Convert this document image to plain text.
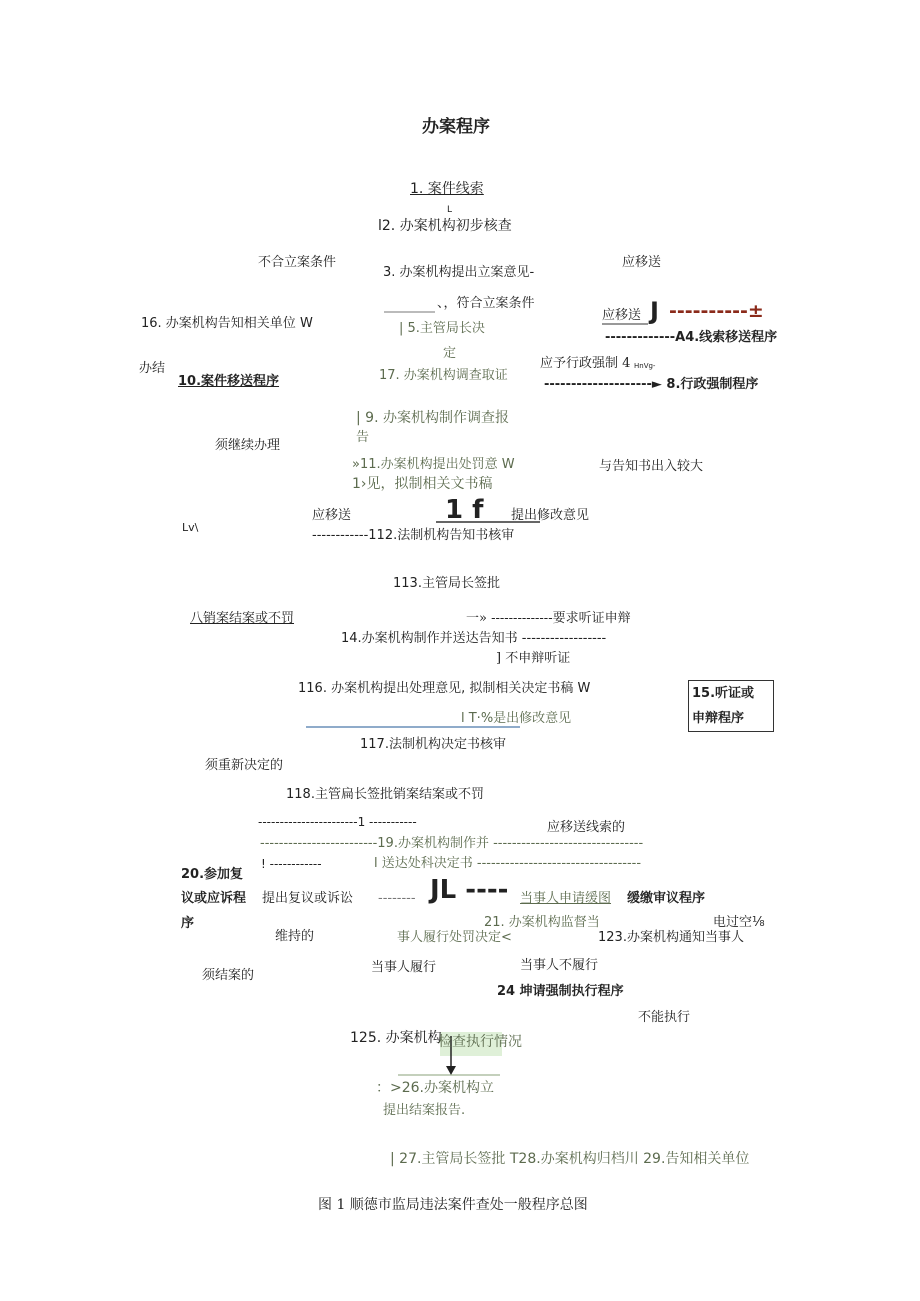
办案程序
1. 案件线索
L
l2. 办案机构初步核查
不合立案条件
3. 办案机构提出立案意见-
应移送
、，符合立案条件
应移送 J ----------±
16. 办案机构告知相关单位 W	| 5.主管局长决
定
-------------A4.线索移送程序
办结
10.案件移送程序	17. 办案机构调查取证
应予行政强制 4 HnVg-
--------------------► 8.行政强制程序
| 9. 办案机构制作调查报
告
须继续办理
»11.办案机构提出处罚意 W
1›见，拟制相关文书稿
与告知书出入较大
Lv\
应移送	1 f 提出修改意见
------------112.法制机构告知书核审
113.主管局长签批
八销案结案或不罚	一» --------------要求听证申辩
14.办案机构制作并送达告知书 ------------------
] 不申辩听证
15.听证或
申辩程序
116. 办案机构提出处理意见, 拟制相关决定书稿 W
l T·%是出修改意见
117.法制机构决定书核审
须重新决定的
118.主管扁长签批销案结案或不罚
-----------------------1 -----------	应移送线索的
-------------------------19.办案机构制作并 --------------------------------
! ------------	l 送达处科决定书 -----------------------------------
20.参加复
议或应诉程
序
提出复议或诉讼 -------- JL ---- 当事人申请缓图 缓缴审议程序
21. 办案机构监督当	电过空⅛
维持的	事人履行处罚决定<	123.办案机构通知当事人
须结案的
当事人履行	当事人不履行
24 坤请强制执行程序
不能执行
125. 办案机构
检查执行情况
：>26.办案机构立
提出结案报告.
| 27.主管局长签批 T28.办案机构归档川 29.告知相关单位
图 1 顺德市监局违法案件查处一般程序总图
